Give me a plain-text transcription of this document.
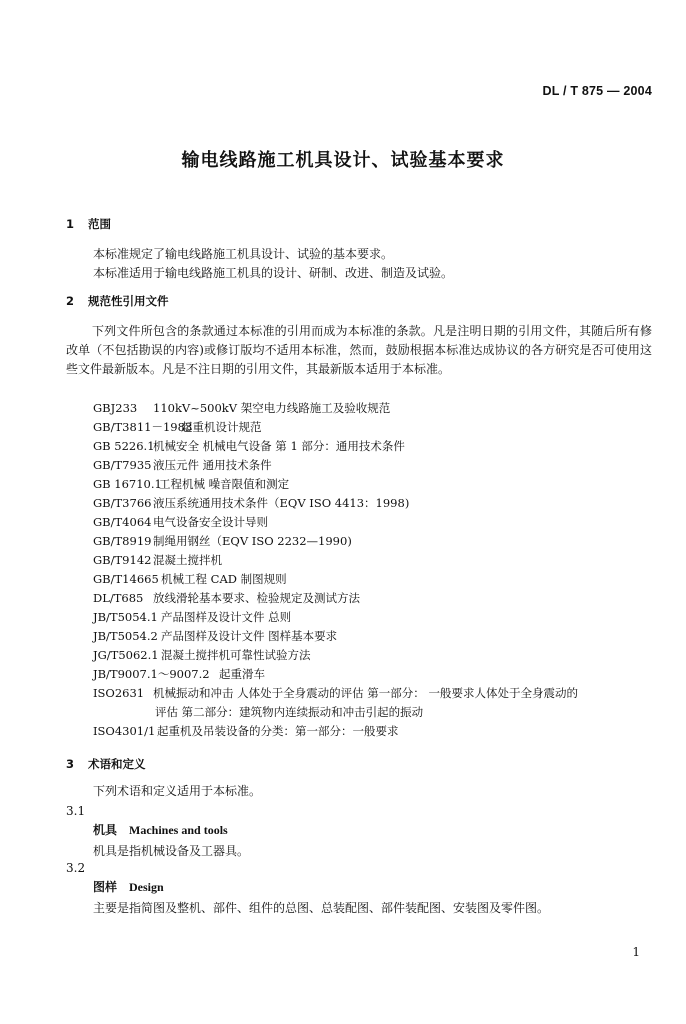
DL / T 875 — 2004
输电线路施工机具设计、试验基本要求
1 范围
本标准规定了输电线路施工机具设计、试验的基本要求。
本标准适用于输电线路施工机具的设计、研制、改进、制造及试验。
2 规范性引用文件

下列文件所包含的条款通过本标准的引用而成为本标准的条款。凡是注明日期的引用文件，其随后所有修改单（不包括勘误的内容)或修订版均不适用本标准，然而，鼓励根据本标准达成协议的各方研究是否可使用这些文件最新版本。凡是不注日期的引用文件，其最新版本适用于本标准。

GBJ233 110kV~500kV 架空电力线路施工及验收规范
GB/T3811－1983起重机设计规范
GB 5226.1机械安全 机械电气设备 第 1 部分：通用技术条件
GB/T7935 液压元件 通用技术条件
GB 16710.1工程机械 噪音限值和测定
GB/T3766 液压系统通用技术条件（EQV ISO 4413：1998)
GB/T4064 电气设备安全设计导则
GB/T8919 制绳用钢丝（EQV ISO 2232—1990)
GB/T9142 混凝土搅拌机
GB/T14665 机械工程 CAD 制图规则
DL/T685 放线滑轮基本要求、检验规定及测试方法
JB/T5054.1 产品图样及设计文件 总则
JB/T5054.2 产品图样及设计文件 图样基本要求
JG/T5062.1 混凝土搅拌机可靠性试验方法
JB/T9007.1～9007.2 起重滑车
ISO2631 机械振动和冲击 人体处于全身震动的评估 第一部分： 一般要求人体处于全身震动的
评估 第二部分：建筑物内连续振动和冲击引起的振动
ISO4301/1 起重机及吊装设备的分类：第一部分：一般要求
3 术语和定义
下列术语和定义适用于本标准。
3.1
机具 Machines and tools
机具是指机械设备及工器具。
3.2
图样 Design
主要是指简图及整机、部件、组件的总图、总装配图、部件装配图、安装图及零件图。
1
